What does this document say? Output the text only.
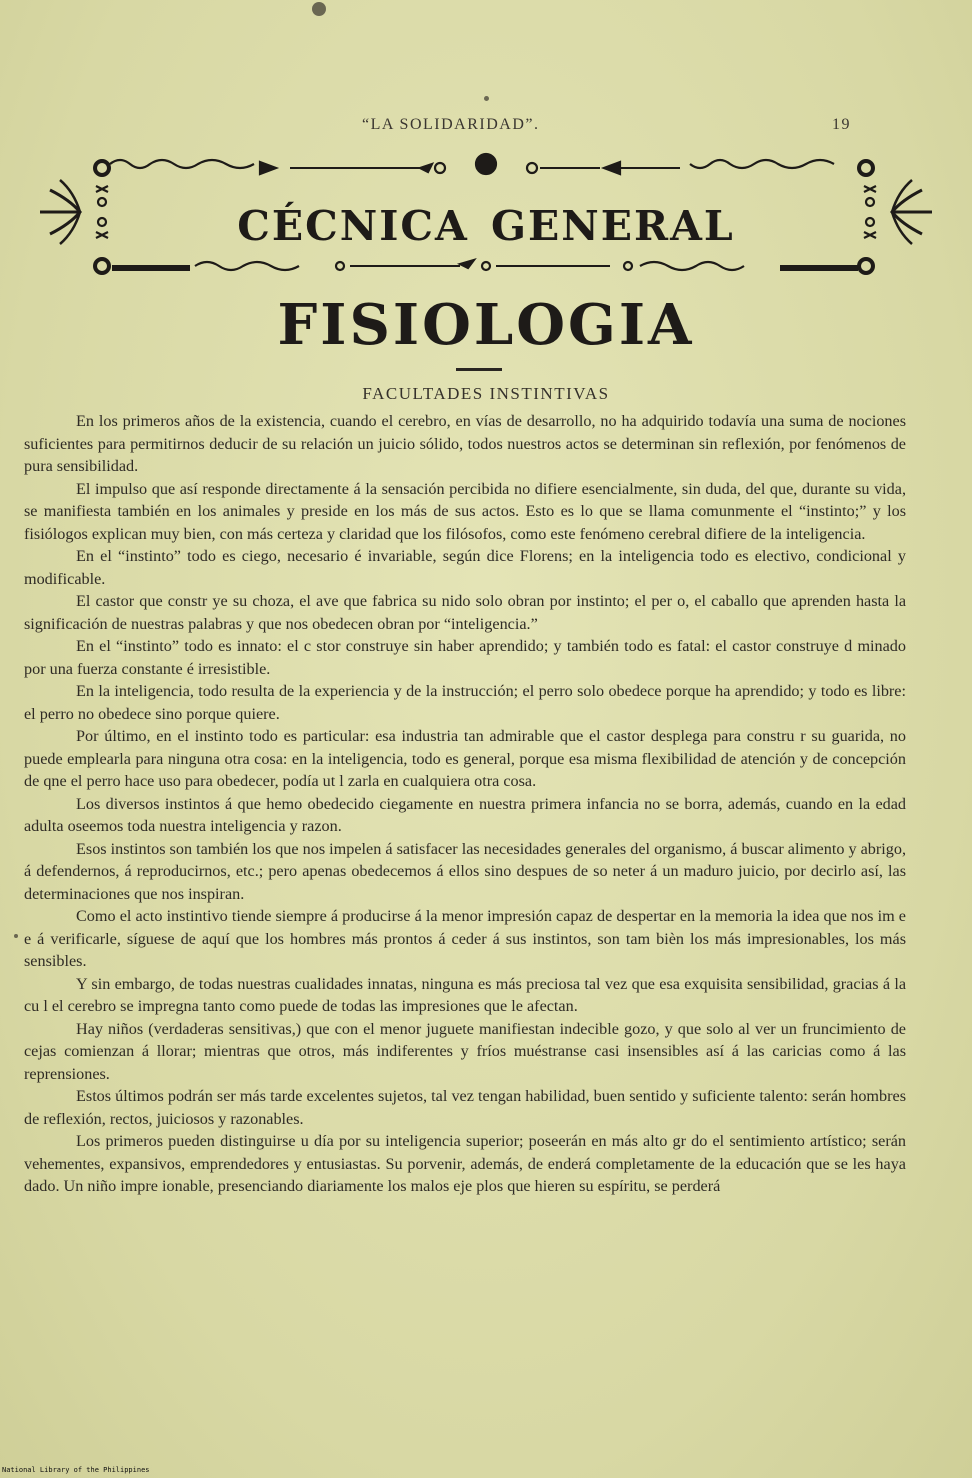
“LA SOLIDARIDAD”.	19
cécnica general
FISIOLOGIA
FACULTADES INSTINTIVAS

En los primeros años de la existencia, cuando el cerebro, en vías de desarrollo, no ha adquirido todavía una suma de nociones suficientes para permitirnos deducir de su relación un juicio sólido, todos nuestros actos se determinan sin reflexión, por fenómenos de pura sensibilidad.

El impulso que así responde directamente á la sensación percibida no difiere esencialmente, sin duda, del que, durante su vida, se manifiesta también en los animales y preside en los más de sus actos. Esto es lo que se llama comunmente el “instinto;” y los fisiólogos explican muy bien, con más certeza y claridad que los filósofos, como este fenómeno cerebral difiere de la inteligencia.

En el “instinto” todo es ciego, necesario é invariable, según dice Florens; en la inteligencia todo es electivo, condicional y modificable.

El castor que constr ye su choza, el ave que fabrica su nido solo obran por instinto; el per o, el caballo que aprenden hasta la significación de nuestras palabras y que nos obedecen obran por “inteligencia.”

En el “instinto” todo es innato: el c stor construye sin haber aprendido; y también todo es fatal: el castor construye d minado por una fuerza constante é irresistible.

En la inteligencia, todo resulta de la experiencia y de la instrucción; el perro solo obedece porque ha aprendido; y todo es libre: el perro no obedece sino porque quiere.

Por último, en el instinto todo es particular: esa industria tan admirable que el castor desplega para constru r su guarida, no puede emplearla para ninguna otra cosa: en la inteligencia, todo es general, porque esa misma flexibilidad de atención y de concepción de qne el perro hace uso para obedecer, podía ut l zarla en cualquiera otra cosa.

Los diversos instintos á que hemo obedecido ciegamente en nuestra primera infancia no se borra, además, cuando en la edad adulta oseemos toda nuestra inteligencia y razon.

Esos instintos son también los que nos impelen á satisfacer las necesidades generales del organismo, á buscar alimento y abrigo, á defendernos, á reproducirnos, etc.; pero apenas obedecemos á ellos sino despues de so neter á un maduro juicio, por decirlo así, las determinaciones que nos inspiran.

Como el acto instintivo tiende siempre á producirse á la menor impresión capaz de despertar en la memoria la idea que nos im e e á verificarle, síguese de aquí que los hombres más prontos á ceder á sus instintos, son tam bièn los más impresionables, los más sensibles.

Y sin embargo, de todas nuestras cualidades innatas, ninguna es más preciosa tal vez que esa exquisita sensibilidad, gracias á la cu l el cerebro se impregna tanto como puede de todas las impresiones que le afectan.

Hay niños (verdaderas sensitivas,) que con el menor juguete manifiestan indecible gozo, y que solo al ver un fruncimiento de cejas comienzan á llorar; mientras que otros, más indiferentes y fríos muéstranse casi insensibles así á las caricias como á las reprensiones.

Estos últimos podrán ser más tarde excelentes sujetos, tal vez tengan habilidad, buen sentido y suficiente talento: serán hombres de reflexión, rectos, juiciosos y razonables.

Los primeros pueden distinguirse u día por su inteligencia superior; poseerán en más alto gr do el sentimiento artístico; serán vehementes, expansivos, emprendedores y entusiastas. Su porvenir, además, de enderá completamente de la educación que se les haya dado. Un niño impre ionable, presenciando diariamente los malos eje plos que hieren su espíritu, se perderá

National Library of the Philippines
